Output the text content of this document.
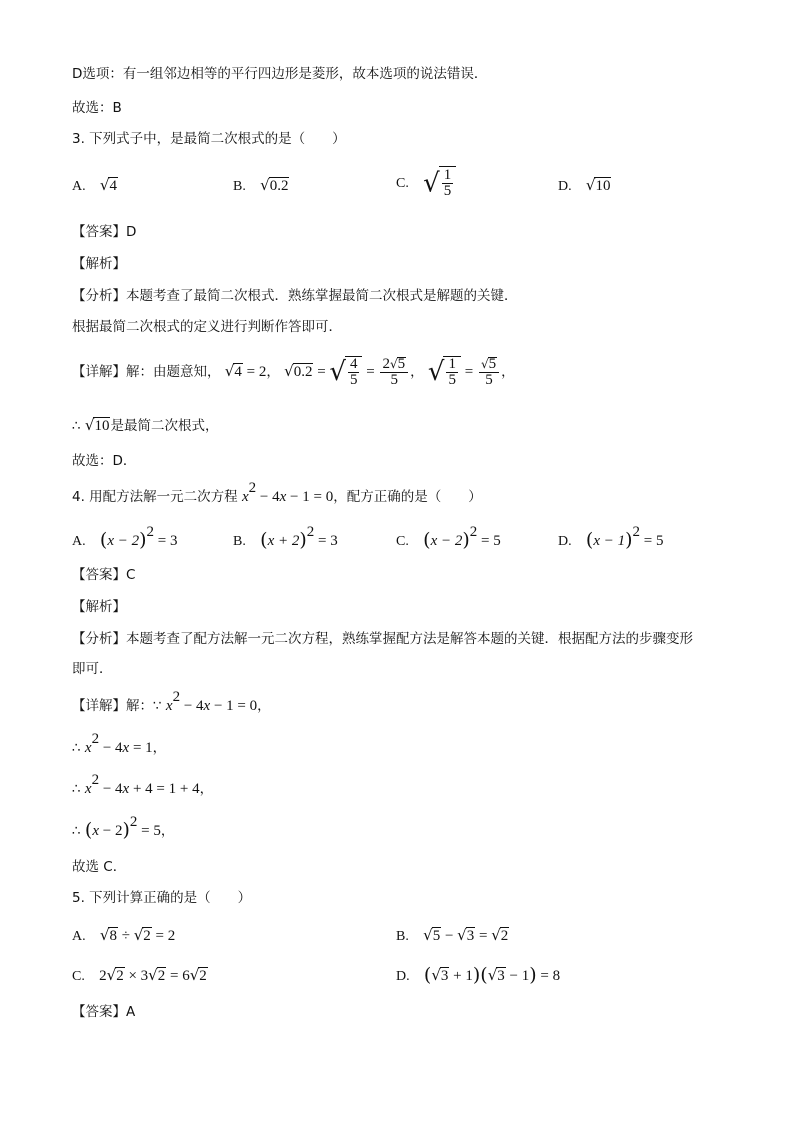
D选项：有一组邻边相等的平行四边形是菱形，故本选项的说法错误．
故选：B
3. 下列式子中，是最简二次根式的是（　　）
A. √4	B. √0.2	C. √ $\frac{1}{5}$	D. √10
【答案】D
【解析】
【分析】本题考查了最简二次根式．熟练掌握最简二次根式是解题的关键．
根据最简二次根式的定义进行判断作答即可．
【详解】解：由题意知， √4 = 2， √0.2 = √ $\frac{4}{5} = \frac{2√5}{5}$ ， √ $\frac{1}{5} = \frac{√5}{5}$ ，
∴ √10是最简二次根式，
故选：D．
4. 用配方法解一元二次方程 $x^2 - 4x - 1 = 0$，配方正确的是（　　）
A. $(x - 2)^2 = 3$	B. $(x + 2)^2 = 3$	C. $(x - 2)^2 = 5$	D. $(x - 1)^2 = 5$
【答案】C
【解析】
【分析】本题考查了配方法解一元二次方程，熟练掌握配方法是解答本题的关键．根据配方法的步骤变形
即可．
【详解】解：∵ $x^2 - 4x - 1 = 0$，
∴ $x^2 - 4x = 1$，
∴ $x^2 - 4x + 4 = 1 + 4$，
∴ $(x - 2)^2 = 5$，
故选 C．
5. 下列计算正确的是（　　）
A. √8 ÷ √2 = 2	B. √5 − √3 = √2
C. 2√2 × 3√2 = 6√2	D. (√3 + 1)(√3 − 1) = 8
【答案】A
